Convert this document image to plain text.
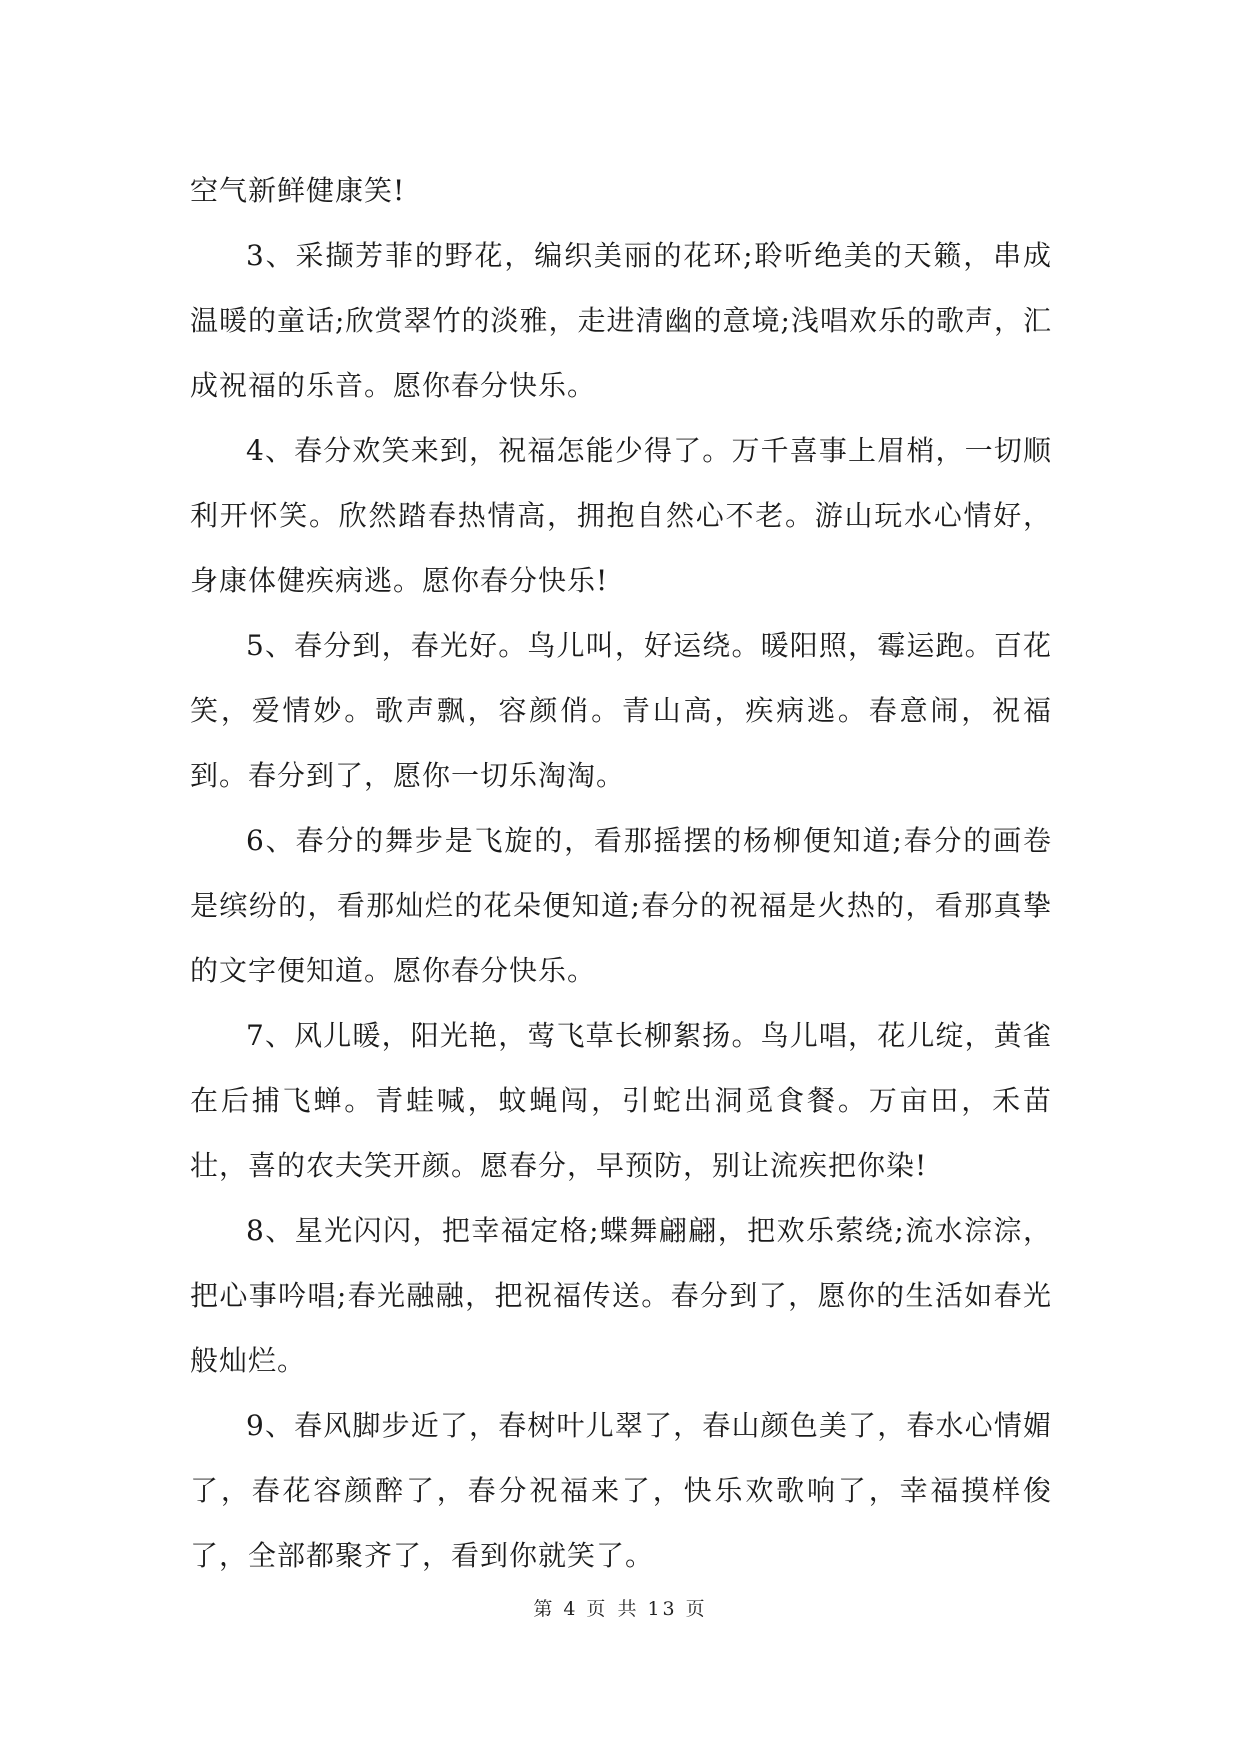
空气新鲜健康笑!

3、采撷芳菲的野花，编织美丽的花环;聆听绝美的天籁，串成温暖的童话;欣赏翠竹的淡雅，走进清幽的意境;浅唱欢乐的歌声，汇成祝福的乐音。愿你春分快乐。

4、春分欢笑来到，祝福怎能少得了。万千喜事上眉梢，一切顺利开怀笑。欣然踏春热情高，拥抱自然心不老。游山玩水心情好，身康体健疾病逃。愿你春分快乐!

5、春分到，春光好。鸟儿叫，好运绕。暖阳照，霉运跑。百花笑，爱情妙。歌声飘，容颜俏。青山高，疾病逃。春意闹，祝福到。春分到了，愿你一切乐淘淘。

6、春分的舞步是飞旋的，看那摇摆的杨柳便知道;春分的画卷是缤纷的，看那灿烂的花朵便知道;春分的祝福是火热的，看那真挚的文字便知道。愿你春分快乐。

7、风儿暖，阳光艳，莺飞草长柳絮扬。鸟儿唱，花儿绽，黄雀在后捕飞蝉。青蛙喊，蚊蝇闯，引蛇出洞觅食餐。万亩田，禾苗壮，喜的农夫笑开颜。愿春分，早预防，别让流疾把你染!

8、星光闪闪，把幸福定格;蝶舞翩翩，把欢乐萦绕;流水淙淙，把心事吟唱;春光融融，把祝福传送。春分到了，愿你的生活如春光般灿烂。

9、春风脚步近了，春树叶儿翠了，春山颜色美了，春水心情媚了，春花容颜醉了，春分祝福来了，快乐欢歌响了，幸福摸样俊了，全部都聚齐了，看到你就笑了。

第 4 页 共 13 页
